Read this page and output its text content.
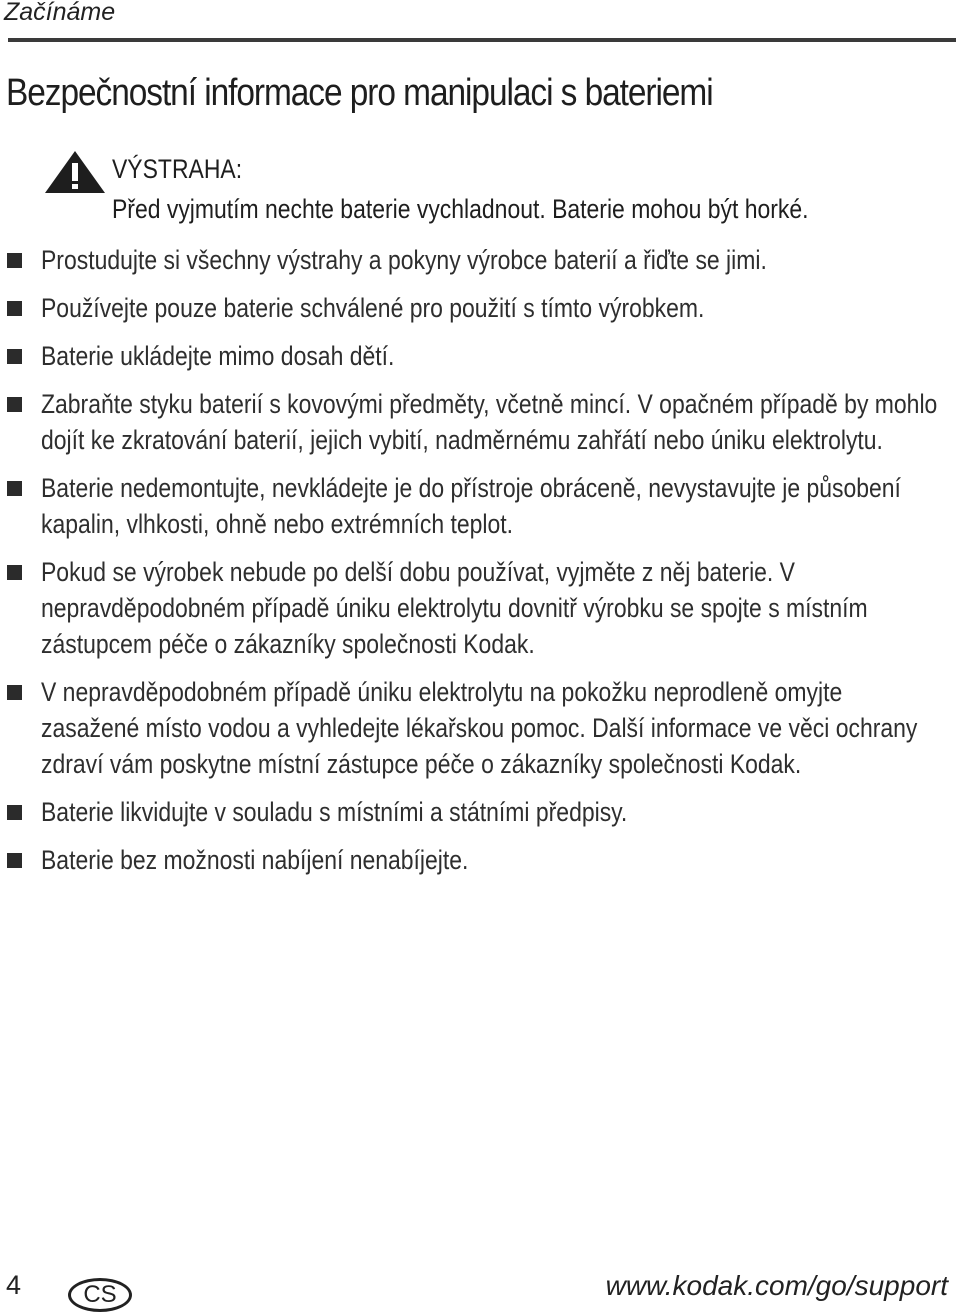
Začínáme
Bezpečnostní informace pro manipulaci s bateriemi
VÝSTRAHA:
Před vyjmutím nechte baterie vychladnout. Baterie mohou být horké.
Prostudujte si všechny výstrahy a pokyny výrobce baterií a řiďte se jimi.
Používejte pouze baterie schválené pro použití s tímto výrobkem.
Baterie ukládejte mimo dosah dětí.
Zabraňte styku baterií s kovovými předměty, včetně mincí. V opačném případě by mohlo dojít ke zkratování baterií, jejich vybití, nadměrnému zahřátí nebo úniku elektrolytu.
Baterie nedemontujte, nevkládejte je do přístroje obráceně, nevystavujte je působení kapalin, vlhkosti, ohně nebo extrémních teplot.
Pokud se výrobek nebude po delší dobu používat, vyjměte z něj baterie. V nepravděpodobném případě úniku elektrolytu dovnitř výrobku se spojte s místním zástupcem péče o zákazníky společnosti Kodak.
V nepravděpodobném případě úniku elektrolytu na pokožku neprodleně omyjte zasažené místo vodou a vyhledejte lékařskou pomoc. Další informace ve věci ochrany zdraví vám poskytne místní zástupce péče o zákazníky společnosti Kodak.
Baterie likvidujte v souladu s místními a státními předpisy.
Baterie bez možnosti nabíjení nenabíjejte.
4	CS	www.kodak.com/go/support
